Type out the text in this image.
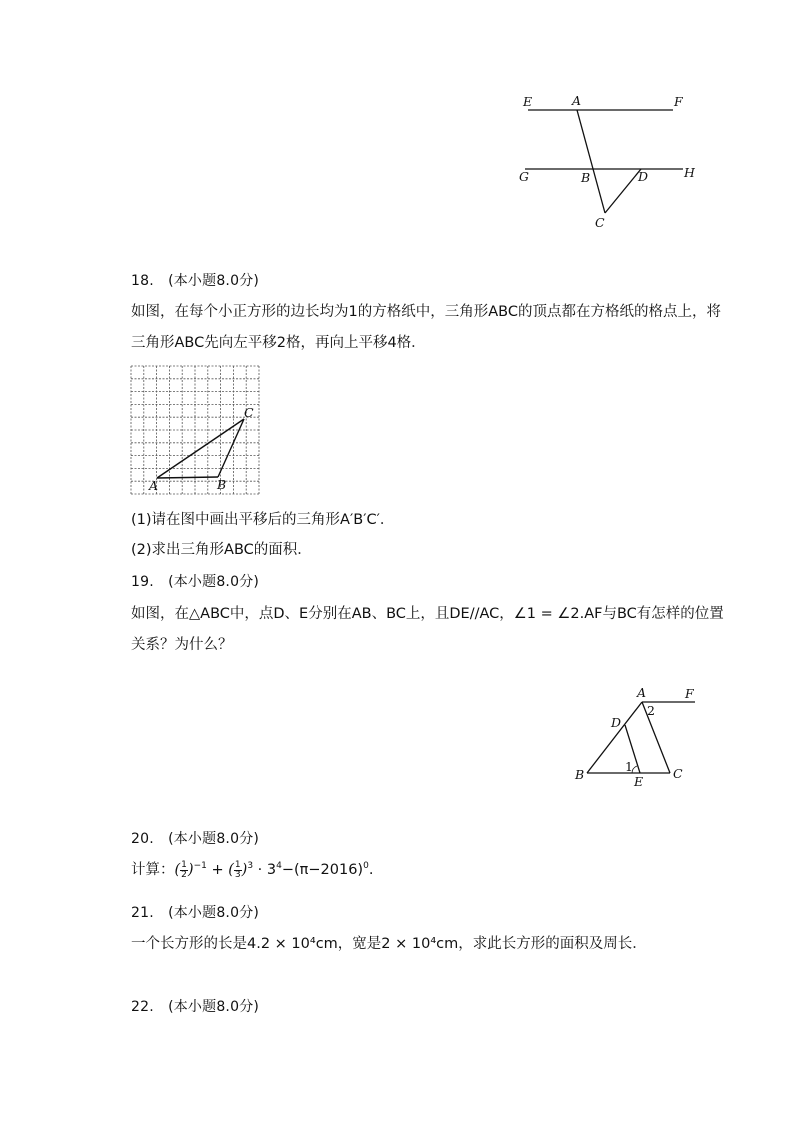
E	A	F
G	B	D	H
C
18.　(本小题8.0分)
如图，在每个小正方形的边长均为1的方格纸中，三角形ABC的顶点都在方格纸的格点上，将
三角形ABC先向左平移2格，再向上平移4格．
A	B
C
(1)请在图中画出平移后的三角形A′B′C′．
(2)求出三角形ABC的面积．
19.　(本小题8.0分)
如图，在△ABC中，点D、E分别在AB、BC上，且DE//AC，∠1 = ∠2.AF与BC有怎样的位置
关系？为什么？
A	F
D
2
B
1
E
C
20.　(本小题8.0分)
计算：( $\frac{1}{2} )^{-1}$ + ( $\frac{1}{3} )^3 \cdot 3^4-(\pi-2016)^0$.
21.　(本小题8.0分)
一个长方形的长是4.2 × 10⁴cm，宽是2 × 10⁴cm，求此长方形的面积及周长．
22.　(本小题8.0分)
